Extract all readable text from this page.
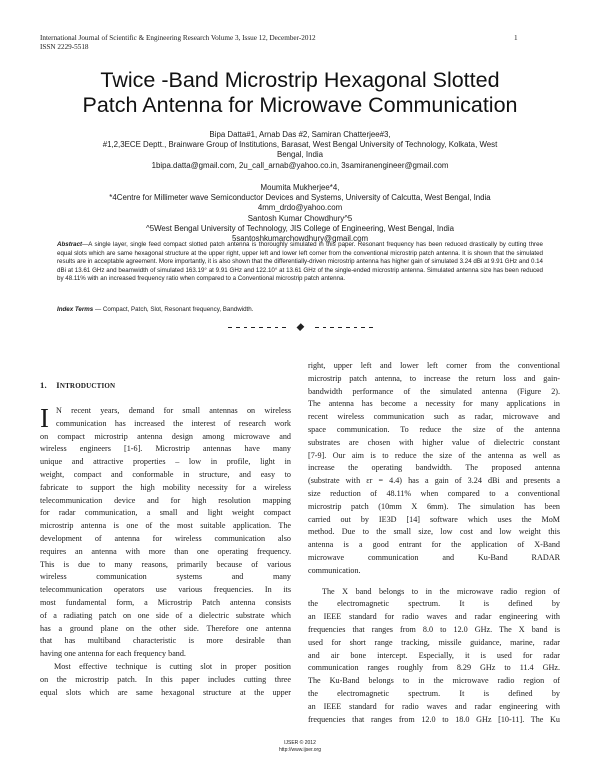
International Journal of Scientific & Engineering Research Volume 3, Issue 12, December-2012
ISSN 2229-5518
1
Twice -Band Microstrip Hexagonal Slotted
Patch Antenna for Microwave Communication
Bipa Datta#1, Arnab Das #2, Samiran Chatterjee#3,
#1,2,3ECE Deptt., Brainware Group of Institutions, Barasat, West Bengal University of Technology, Kolkata, West
Bengal, India
1bipa.datta@gmail.com, 2u_call_arnab@yahoo.co.in, 3samiranengineer@gmail.com
Moumita Mukherjee*4,
*4Centre for Millimeter wave Semiconductor Devices and Systems, University of Calcutta, West Bengal, India
4mm_drdo@yahoo.com
Santosh Kumar Chowdhury^5
^5West Bengal University of Technology, JIS College of Engineering, West Bengal, India
5santoshkumarchowdhury@gmail.com
Abstract—A single layer, single feed compact slotted patch antenna is thoroughly simulated in this paper. Resonant frequency has been reduced drastically by cutting three equal slots which are same hexagonal structure at the upper right, upper left and lower left corner from the conventional microstrip patch antenna. It is shown that the simulated results are in acceptable agreement. More importantly, it is also shown that the differentially-driven microstrip antenna has higher gain of simulated 3.24 dBi at 9.91 GHz and 0.14 dBi at 13.61 GHz and beamwidth of simulated 163.19° at 9.91 GHz and 122.10° at 13.61 GHz of the single-ended microstrip antenna. Simulated antenna size has been reduced by 48.11% with an increased frequency ratio when compared to a Conventional microstrip patch antenna.
Index Terms — Compact, Patch, Slot, Resonant frequency, Bandwidth.
1. INTRODUCTION
I N recent years, demand for small antennas on wireless
communication has increased the interest of research work
on compact microstrip antenna design among microwave and
wireless engineers [1-6]. Microstrip antennas have many
unique and attractive properties – low in profile, light in
weight, compact and conformable in structure, and easy to
fabricate to support the high mobility necessity for a wireless
telecommunication device and for high resolution mapping
for radar communication, a small and light weight compact
microstrip antenna is one of the most suitable application. The
development of antenna for wireless communication also
requires an antenna with more than one operating frequency.
This is due to many reasons, primarily because of various
wireless communication systems and many
telecommunication operators use various frequencies. In its
most fundamental form, a Microstrip Patch antenna consists
of a radiating patch on one side of a dielectric substrate which
has a ground plane on the other side. Therefore one antenna
that has multiband characteristic is more desirable than
having one antenna for each frequency band.
Most effective technique is cutting slot in proper position
on the microstrip patch. In this paper includes cutting three
equal slots which are same hexagonal structure at the upper
right, upper left and lower left corner from the conventional
microstrip patch antenna, to increase the return loss and gain-
bandwidth performance of the simulated antenna (Figure 2).
The antenna has become a necessity for many applications in
recent wireless communication such as radar, microwave and
space communication. To reduce the size of the antenna
substrates are chosen with higher value of dielectric constant
[7-9]. Our aim is to reduce the size of the antenna as well as
increase the operating bandwidth. The proposed antenna
(substrate with εr = 4.4) has a gain of 3.24 dBi and presents a
size reduction of 48.11% when compared to a conventional
microstrip patch (10mm X 6mm). The simulation has been
carried out by IE3D [14] software which uses the MoM
method. Due to the small size, low cost and low weight this
antenna is a good entrant for the application of X-Band
microwave communication and Ku-Band RADAR
communication.
The X band belongs to in the microwave radio region of
the electromagnetic spectrum. It is defined by
an IEEE standard for radio waves and radar engineering with
frequencies that ranges from 8.0 to 12.0 GHz. The X band is
used for short range tracking, missile guidance, marine, radar
and air bone intercept. Especially, it is used for radar
communication ranges roughly from 8.29 GHz to 11.4 GHz.
The Ku-Band belongs to in the microwave radio region of
the electromagnetic spectrum. It is defined by
an IEEE standard for radio waves and radar engineering with
frequencies that ranges from 12.0 to 18.0 GHz [10-11]. The Ku
IJSER © 2012
http://www.ijser.org
